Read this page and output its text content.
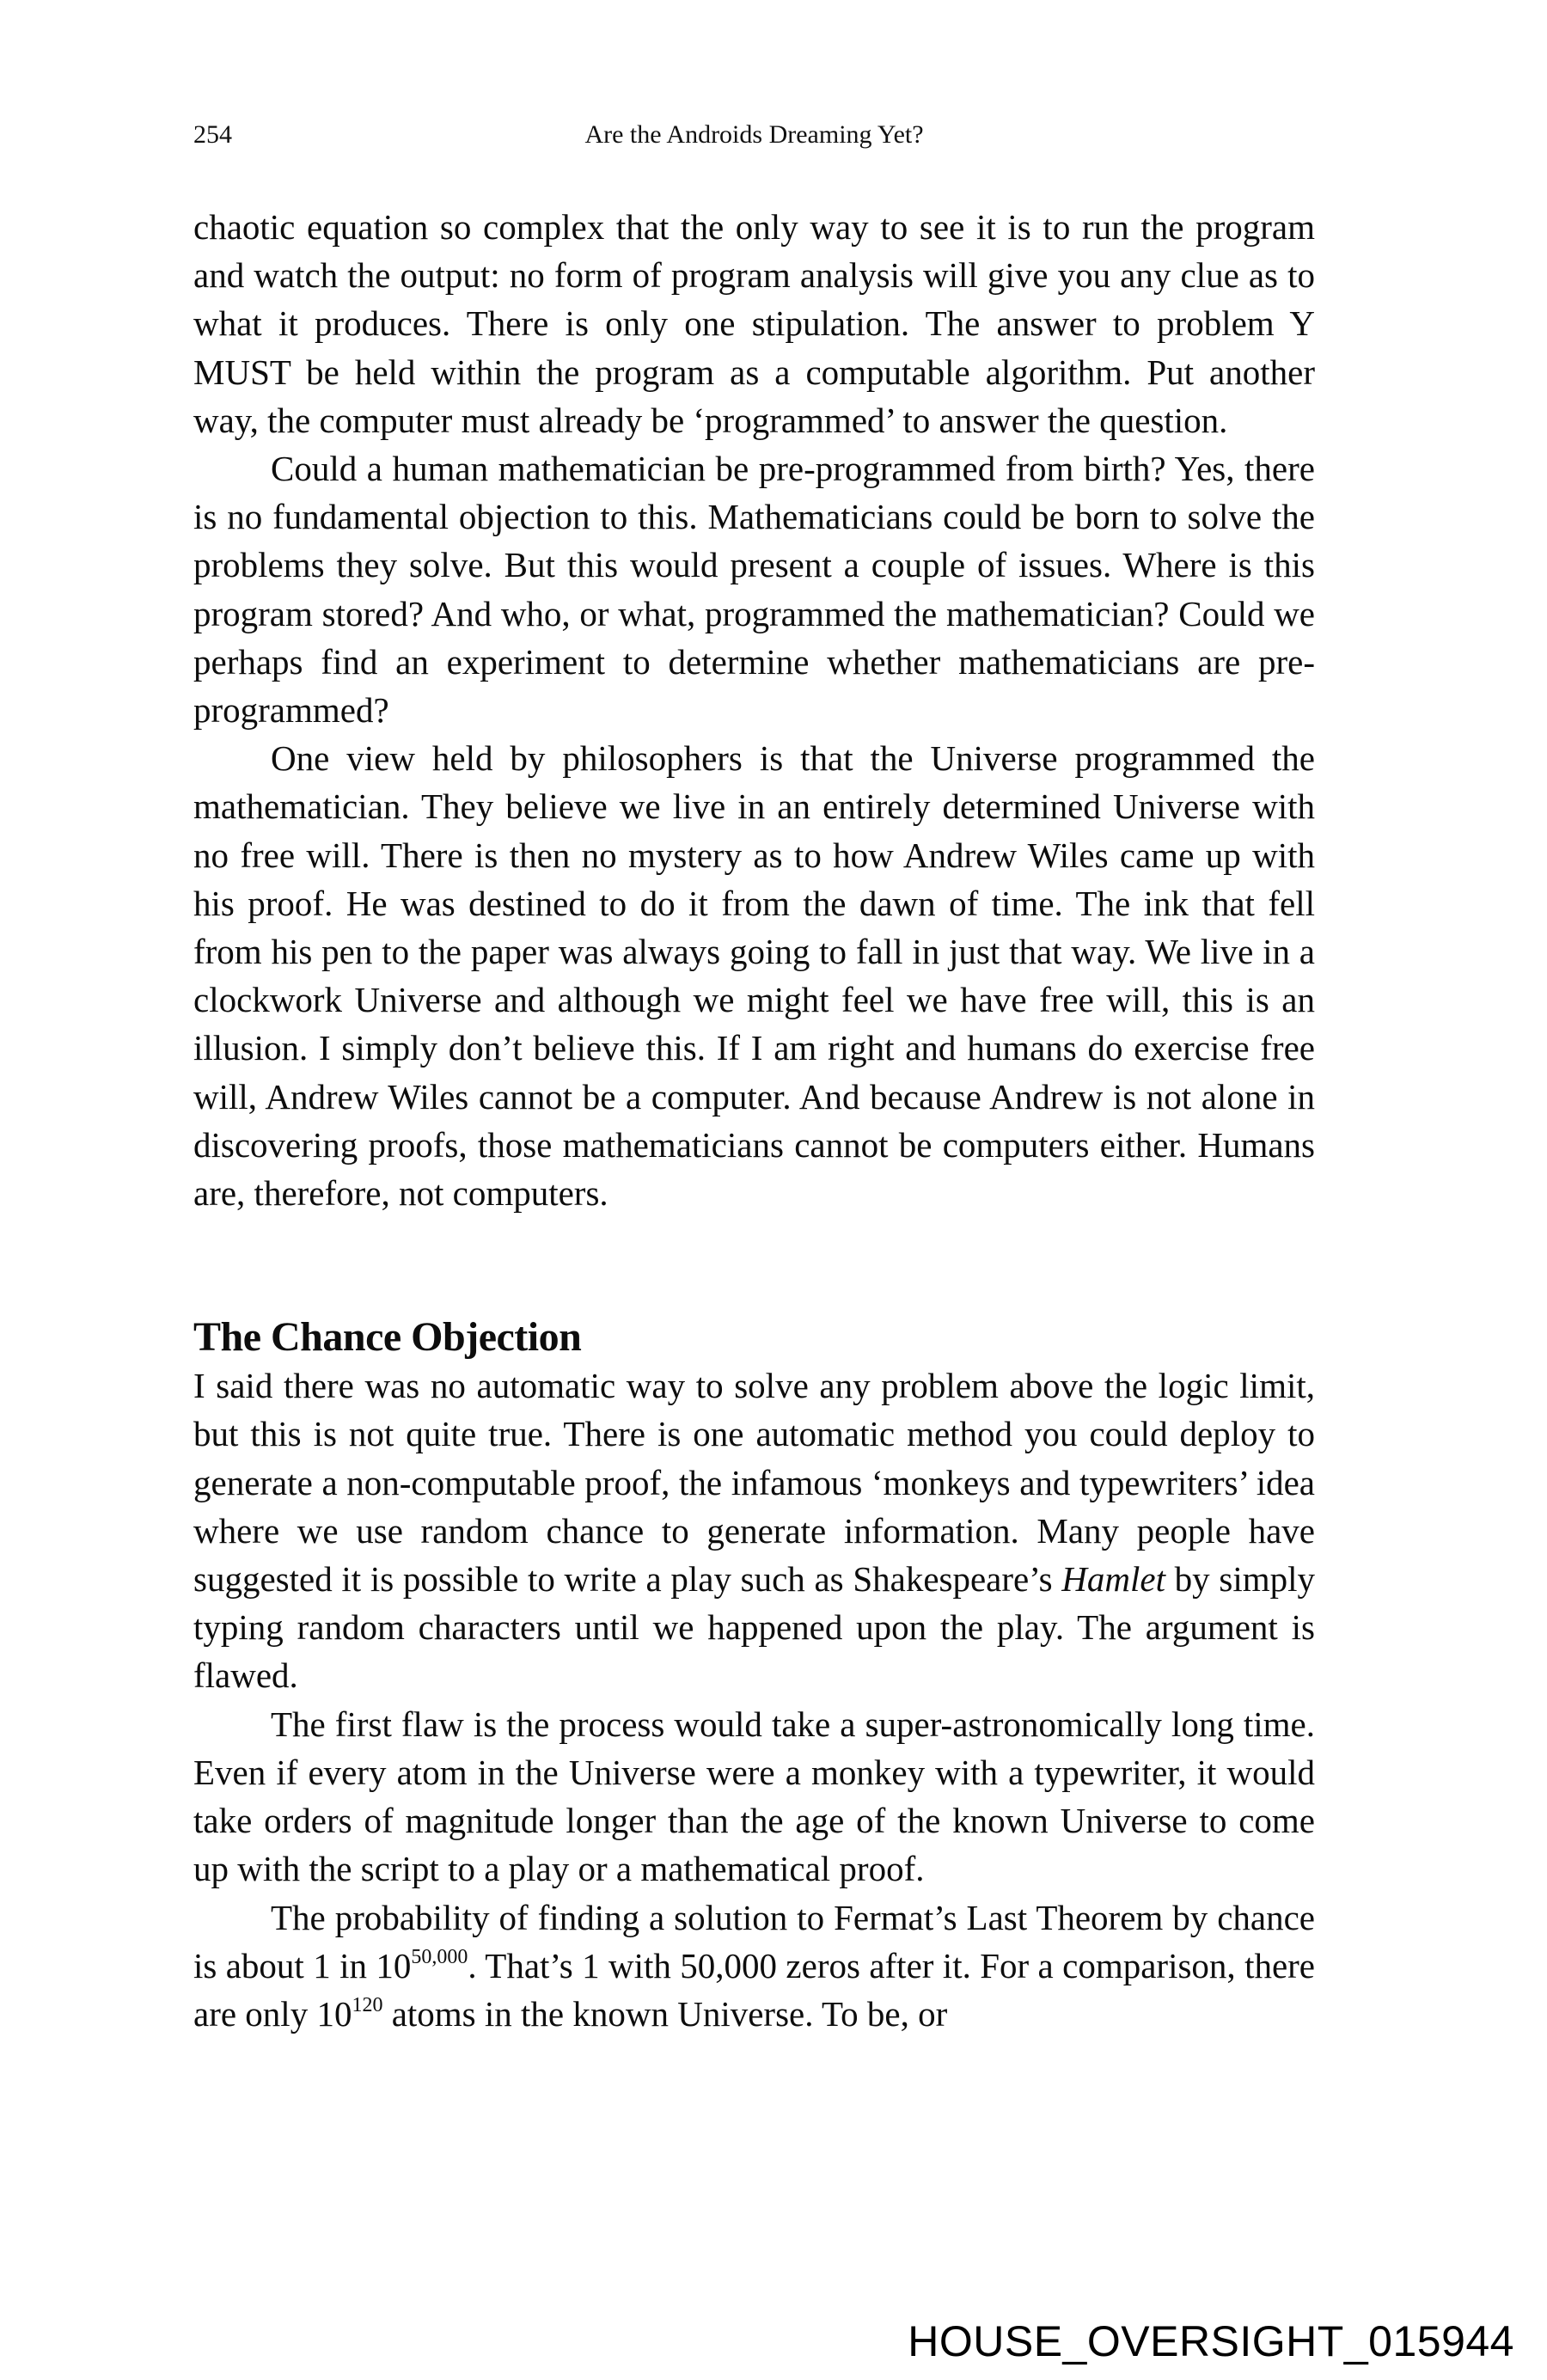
254	Are the Androids Dreaming Yet?

chaotic equation so complex that the only way to see it is to run the program and watch the output: no form of program analysis will give you any clue as to what it produces. There is only one stipulation. The answer to problem Y MUST be held within the program as a computable algorithm. Put another way, the computer must already be ‘programmed’ to answer the question.

Could a human mathematician be pre-programmed from birth? Yes, there is no fundamental objection to this. Mathematicians could be born to solve the problems they solve. But this would present a couple of issues. Where is this program stored? And who, or what, programmed the mathematician? Could we perhaps find an experiment to determine whether mathematicians are pre-programmed?

One view held by philosophers is that the Universe programmed the mathematician. They believe we live in an entirely determined Universe with no free will. There is then no mystery as to how Andrew Wiles came up with his proof. He was destined to do it from the dawn of time. The ink that fell from his pen to the paper was always going to fall in just that way. We live in a clockwork Universe and although we might feel we have free will, this is an illusion. I simply don’t believe this. If I am right and humans do exercise free will, Andrew Wiles cannot be a computer. And because Andrew is not alone in discovering proofs, those mathematicians cannot be computers either. Humans are, therefore, not computers.

The Chance Objection

I said there was no automatic way to solve any problem above the logic limit, but this is not quite true. There is one automatic method you could deploy to generate a non-computable proof, the infamous ‘monkeys and typewriters’ idea where we use random chance to generate information. Many people have suggested it is possible to write a play such as Shakespeare’s Hamlet by simply typing random characters until we happened upon the play. The argument is flawed.

The first flaw is the process would take a super-astronomically long time. Even if every atom in the Universe were a monkey with a typewriter, it would take orders of magnitude longer than the age of the known Universe to come up with the script to a play or a mathematical proof.

The probability of finding a solution to Fermat’s Last Theorem by chance is about 1 in 10$^{50,000}$. That’s 1 with 50,000 zeros after it. For a comparison, there are only $10^{120}$ atoms in the known Universe. To be, or

HOUSE_OVERSIGHT_015944
